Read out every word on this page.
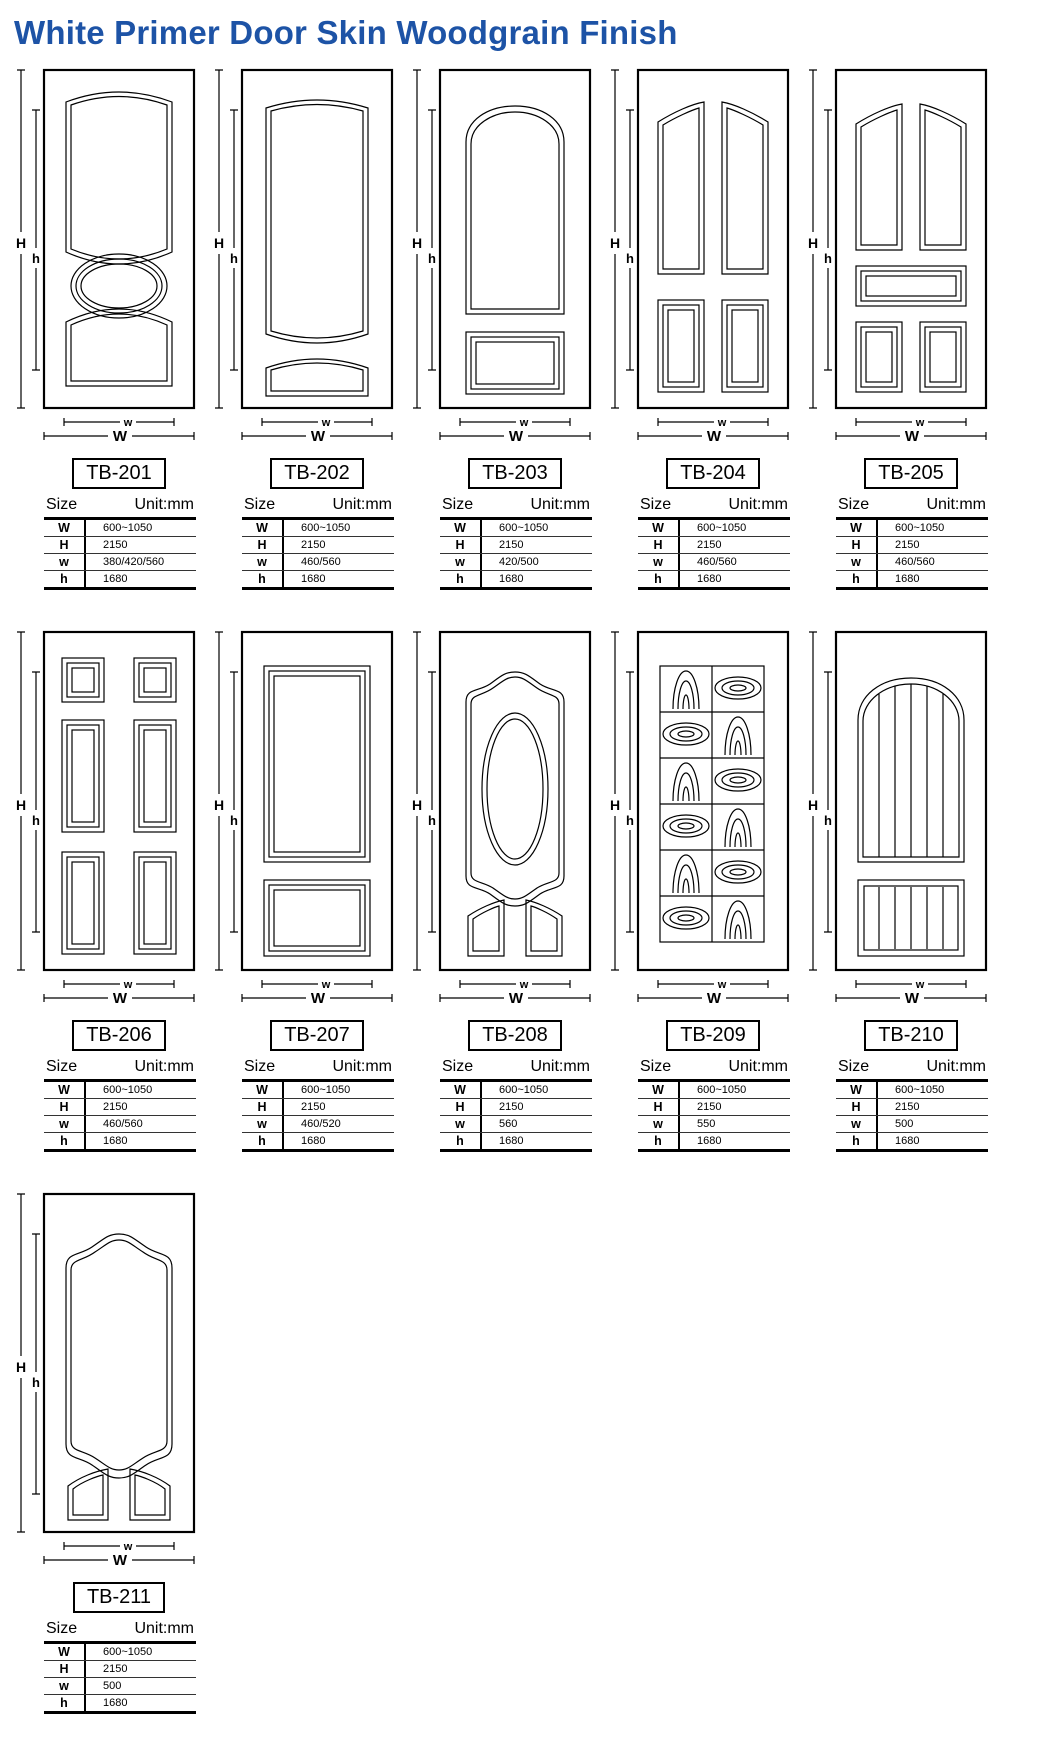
White Primer Door Skin Woodgrain Finish
H
h
W
w
TB-201
Size	Unit:mm
W	600~1050
H	2150
w	380/420/560
h	1680
H
h
W
w
TB-202
Size	Unit:mm
W	600~1050
H	2150
w	460/560
h	1680
H
h
W
w
TB-203
Size	Unit:mm
W	600~1050
H	2150
w	420/500
h	1680
H
h
W
w
TB-204
Size	Unit:mm
W	600~1050
H	2150
w	460/560
h	1680
H
h
W
w
TB-205
Size	Unit:mm
W	600~1050
H	2150
w	460/560
h	1680
H
h
W
w
TB-206
Size	Unit:mm
W	600~1050
H	2150
w	460/560
h	1680
H
h
W
w
TB-207
Size	Unit:mm
W	600~1050
H	2150
w	460/520
h	1680
H
h
W
w
TB-208
Size	Unit:mm
W	600~1050
H	2150
w	560
h	1680
H
h
W
w
TB-209
Size	Unit:mm
W	600~1050
H	2150
w	550
h	1680
H
h
W
w
TB-210
Size	Unit:mm
W	600~1050
H	2150
w	500
h	1680
H
h
W
w
TB-211
Size	Unit:mm
W	600~1050
H	2150
w	500
h	1680
